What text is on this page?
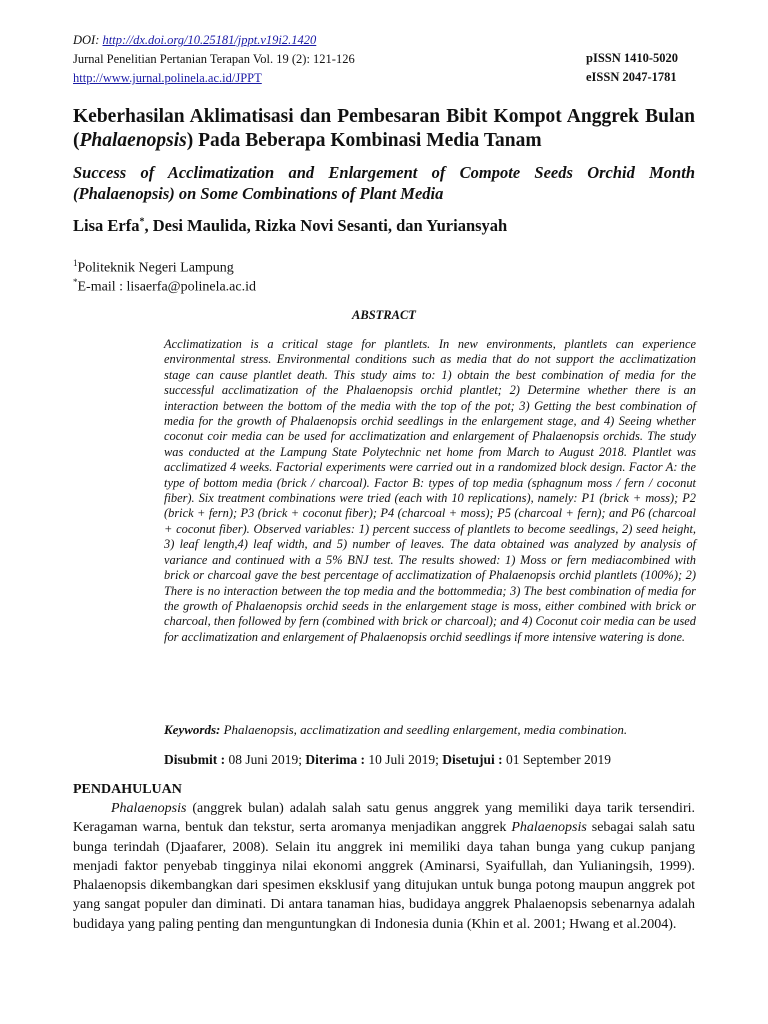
DOI: http://dx.doi.org/10.25181/jppt.v19i2.1420
Jurnal Penelitian Pertanian Terapan Vol. 19 (2): 121-126
http://www.jurnal.polinela.ac.id/JPPT
pISSN 1410-5020
eISSN 2047-1781
Keberhasilan Aklimatisasi dan Pembesaran Bibit Kompot Anggrek Bulan (Phalaenopsis) Pada Beberapa Kombinasi Media Tanam
Success of Acclimatization and Enlargement of Compote Seeds Orchid Month (Phalaenopsis) on Some Combinations of Plant Media
Lisa Erfa*, Desi Maulida, Rizka Novi Sesanti, dan Yuriansyah
$^1$Politeknik Negeri Lampung
*E-mail : lisaerfa@polinela.ac.id
ABSTRACT
Acclimatization is a critical stage for plantlets. In new environments, plantlets can experience environmental stress. Environmental conditions such as media that do not support the acclimatization stage can cause plantlet death. This study aims to: 1) obtain the best combination of media for the successful acclimatization of the Phalaenopsis orchid plantlet; 2) Determine whether there is an interaction between the bottom of the media with the top of the pot; 3) Getting the best combination of media for the growth of Phalaenopsis orchid seedlings in the enlargement stage, and 4) Seeing whether coconut coir media can be used for acclimatization and enlargement of Phalaenopsis orchids. The study was conducted at the Lampung State Polytechnic net home from March to August 2018. Plantlet was acclimatized 4 weeks. Factorial experiments were carried out in a randomized block design. Factor A: the type of bottom media (brick / charcoal). Factor B: types of top media (sphagnum moss / fern / coconut fiber). Six treatment combinations were tried (each with 10 replications), namely: P1 (brick + moss); P2 (brick + fern); P3 (brick + coconut fiber); P4 (charcoal + moss); P5 (charcoal + fern); and P6 (charcoal + coconut fiber). Observed variables: 1) percent success of plantlets to become seedlings, 2) seed height, 3) leaf length,4) leaf width, and 5) number of leaves. The data obtained was analyzed by analysis of variance and continued with a 5% BNJ test. The results showed: 1) Moss or fern mediacombined with brick or charcoal gave the best percentage of acclimatization of Phalaenopsis orchid plantlets (100%); 2) There is no interaction between the top media and the bottommedia; 3) The best combination of media for the growth of Phalaenopsis orchid seeds in the enlargement stage is moss, either combined with brick or charcoal, then followed by fern (combined with brick or charcoal); and 4) Coconut coir media can be used for acclimatization and enlargement of Phalaenopsis orchid seedlings if more intensive watering is done.
Keywords: Phalaenopsis, acclimatization and seedling enlargement, media combination.
Disubmit : 08 Juni 2019; Diterima : 10 Juli 2019; Disetujui : 01 September 2019
PENDAHULUAN
Phalaenopsis (anggrek bulan) adalah salah satu genus anggrek yang memiliki daya tarik tersendiri. Keragaman warna, bentuk dan tekstur, serta aromanya menjadikan anggrek Phalaenopsis sebagai salah satu bunga terindah (Djaafarer, 2008). Selain itu anggrek ini memiliki daya tahan bunga yang cukup panjang menjadi faktor penyebab tingginya nilai ekonomi anggrek (Aminarsi, Syaifullah, dan Yulianingsih, 1999). Phalaenopsis dikembangkan dari spesimen eksklusif yang ditujukan untuk bunga potong maupun anggrek pot yang sangat populer dan diminati. Di antara tanaman hias, budidaya anggrek Phalaenopsis sebenarnya adalah budidaya yang paling penting dan menguntungkan di Indonesia dunia (Khin et al. 2001; Hwang et al.2004).
